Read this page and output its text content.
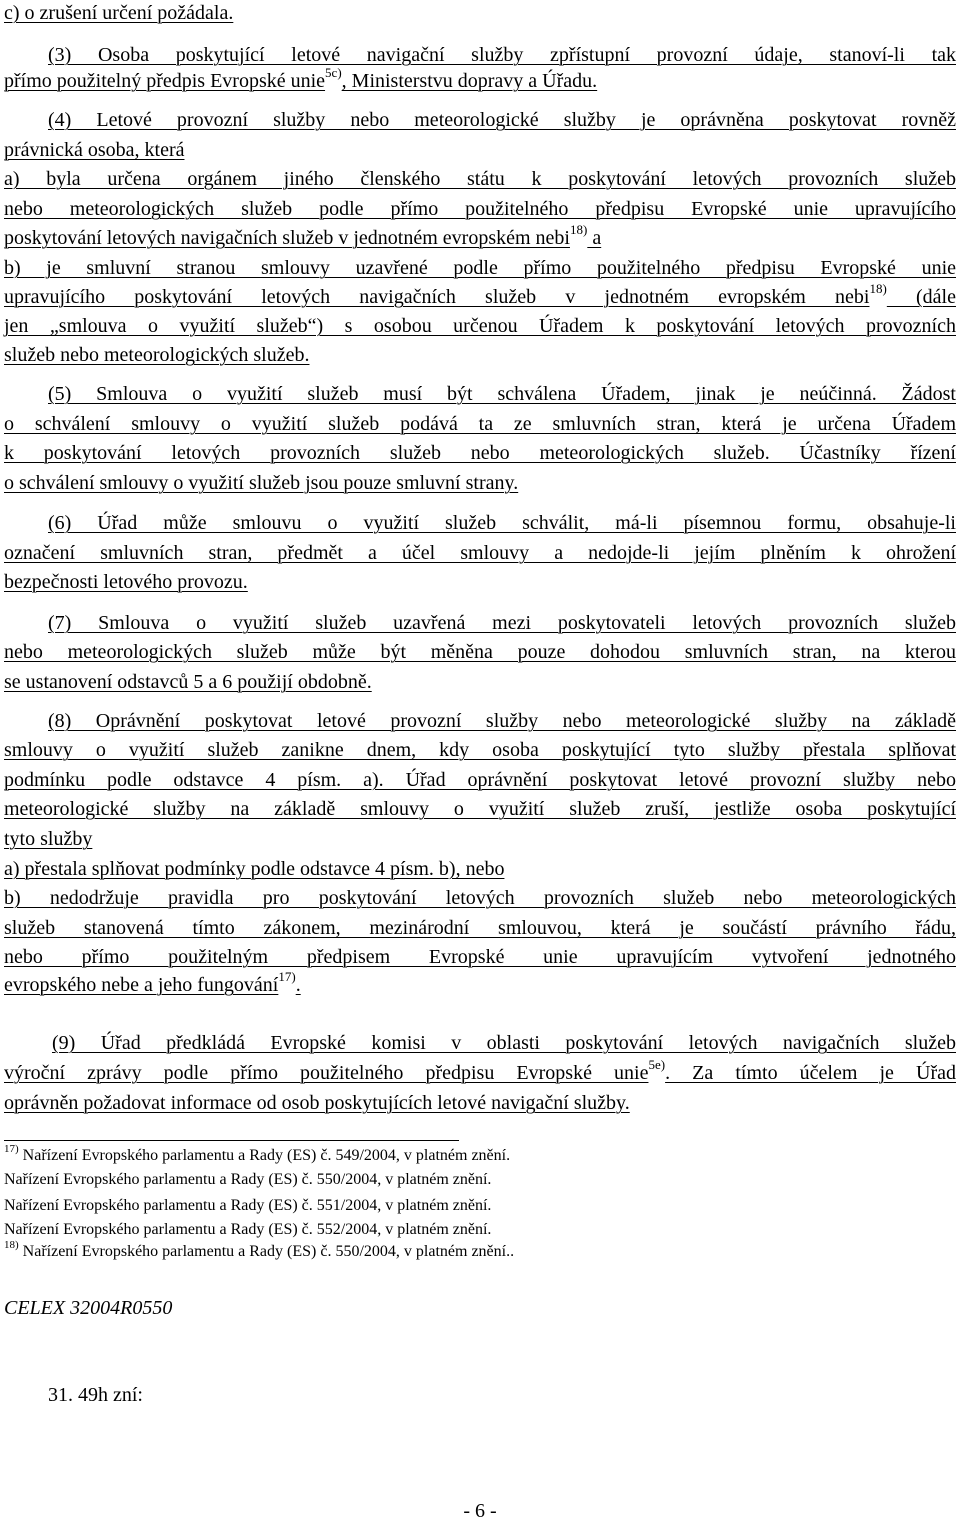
c) o zrušení určení požádala.
(3) Osoba poskytující letové navigační služby zpřístupní provozní údaje, stanoví-li tak
přímo použitelný předpis Evropské unie$^{5c)}$, Ministerstvu dopravy a Úřadu.
(4) Letové provozní služby nebo meteorologické služby je oprávněna poskytovat rovněž
právnická osoba, která
a) byla určena orgánem jiného členského státu k poskytování letových provozních služeb
nebo meteorologických služeb podle přímo použitelného předpisu Evropské unie upravujícího
poskytování letových navigačních služeb v jednotném evropském nebi$^{18)}$ a
b) je smluvní stranou smlouvy uzavřené podle přímo použitelného předpisu Evropské unie
upravujícího poskytování letových navigačních služeb v jednotném evropském nebi$^{18)}$ (dále
jen „smlouva o využití služeb“) s osobou určenou Úřadem k poskytování letových provozních
služeb nebo meteorologických služeb.
(5) Smlouva o využití služeb musí být schválena Úřadem, jinak je neúčinná. Žádost
o schválení smlouvy o využití služeb podává ta ze smluvních stran, která je určena Úřadem
k poskytování letových provozních služeb nebo meteorologických služeb. Účastníky řízení
o schválení smlouvy o využití služeb jsou pouze smluvní strany.
(6) Úřad může smlouvu o využití služeb schválit, má-li písemnou formu, obsahuje-li
označení smluvních stran, předmět a účel smlouvy a nedojde-li jejím plněním k ohrožení
bezpečnosti letového provozu.
(7) Smlouva o využití služeb uzavřená mezi poskytovateli letových provozních služeb
nebo meteorologických služeb může být měněna pouze dohodou smluvních stran, na kterou
se ustanovení odstavců 5 a 6 použijí obdobně.
(8) Oprávnění poskytovat letové provozní služby nebo meteorologické služby na základě
smlouvy o využití služeb zanikne dnem, kdy osoba poskytující tyto služby přestala splňovat
podmínku podle odstavce 4 písm. a). Úřad oprávnění poskytovat letové provozní služby nebo
meteorologické služby na základě smlouvy o využití služeb zruší, jestliže osoba poskytující
tyto služby
a) přestala splňovat podmínky podle odstavce 4 písm. b), nebo
b) nedodržuje pravidla pro poskytování letových provozních služeb nebo meteorologických
služeb stanovená tímto zákonem, mezinárodní smlouvou, která je součástí právního řádu,
nebo přímo použitelným předpisem Evropské unie upravujícím vytvoření jednotného
evropského nebe a jeho fungování$^{17)}$.
(9) Úřad předkládá Evropské komisi v oblasti poskytování letových navigačních služeb
výroční zprávy podle přímo použitelného předpisu Evropské unie$^{5e)}$. Za tímto účelem je Úřad
oprávněn požadovat informace od osob poskytujících letové navigační služby.
$^{17)}$ Nařízení Evropského parlamentu a Rady (ES) č. 549/2004, v platném znění.
Nařízení Evropského parlamentu a Rady (ES) č. 550/2004, v platném znění.
Nařízení Evropského parlamentu a Rady (ES) č. 551/2004, v platném znění.
Nařízení Evropského parlamentu a Rady (ES) č. 552/2004, v platném znění.
$^{18)}$ Nařízení Evropského parlamentu a Rady (ES) č. 550/2004, v platném znění..
CELEX 32004R0550
31. 49h zní:
- 6 -
